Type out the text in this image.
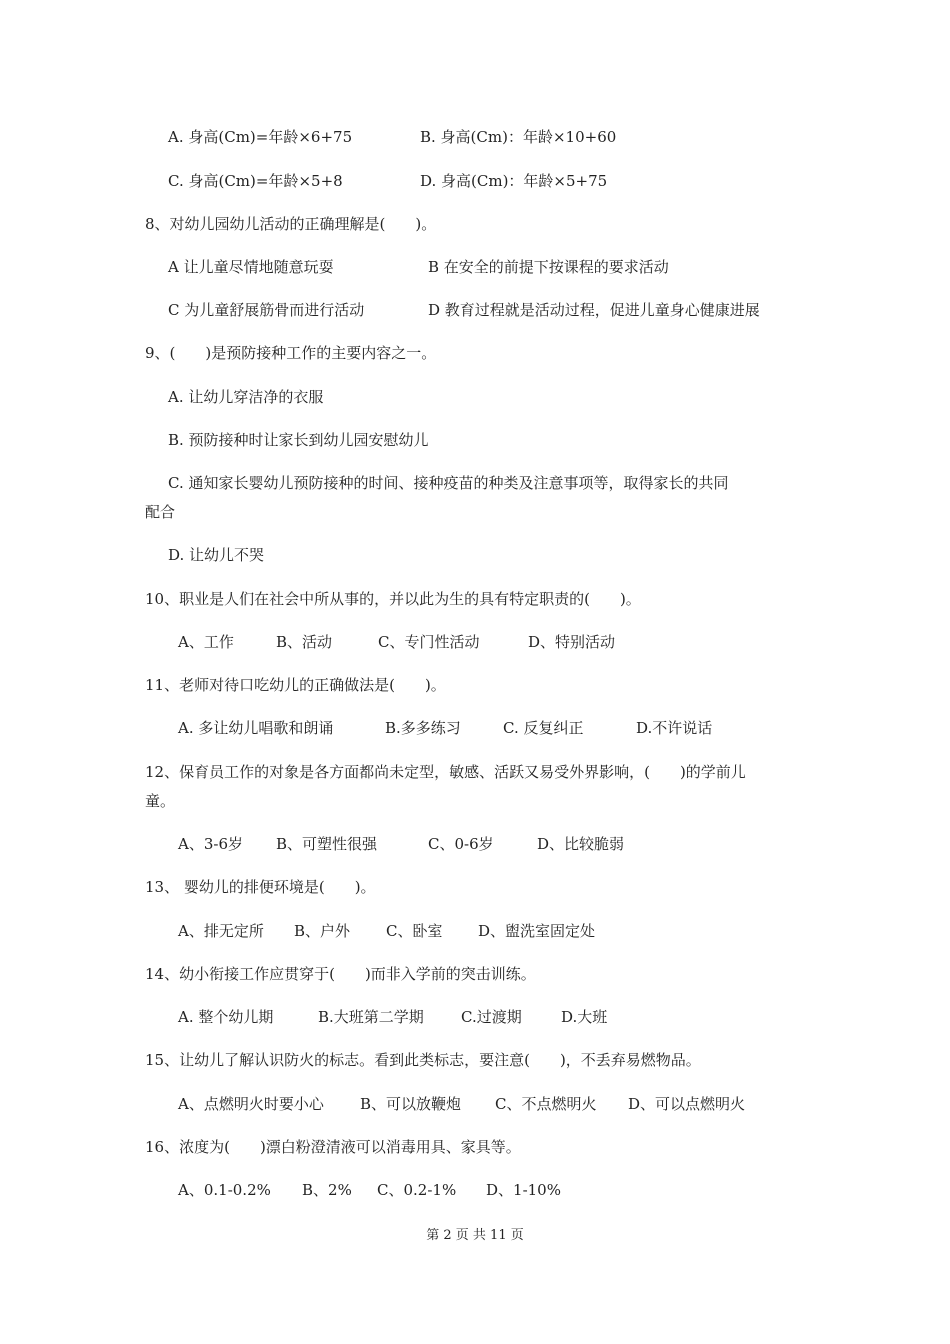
A. 身高(Cm)=年龄×6+75	B. 身高(Cm)：年龄×10+60
C. 身高(Cm)=年龄×5+8	D. 身高(Cm)：年龄×5+75
8、对幼儿园幼儿活动的正确理解是(　　)。
A 让儿童尽情地随意玩耍	B 在安全的前提下按课程的要求活动
C 为儿童舒展筋骨而进行活动	D 教育过程就是活动过程，促进儿童身心健康进展
9、(　　)是预防接种工作的主要内容之一。
A. 让幼儿穿洁净的衣服
B. 预防接种时让家长到幼儿园安慰幼儿
C. 通知家长婴幼儿预防接种的时间、接种疫苗的种类及注意事项等，取得家长的共同
配合
D. 让幼儿不哭
10、职业是人们在社会中所从事的，并以此为生的具有特定职责的(　　)。
A、工作	B、活动	C、专门性活动	D、特别活动
11、老师对待口吃幼儿的正确做法是(　　)。
A. 多让幼儿唱歌和朗诵	B.多多练习	C. 反复纠正	D.不许说话
12、保育员工作的对象是各方面都尚未定型，敏感、活跃又易受外界影响，(　　)的学前儿
童。
A、3-6岁 B、可塑性很强	C、0-6岁	D、比较脆弱
13、 婴幼儿的排便环境是(　　)。
A、排无定所 B、户外 C、卧室 D、盥洗室固定处
14、幼小衔接工作应贯穿于(　　)而非入学前的突击训练。
A. 整个幼儿期	B.大班第二学期 C.过渡期	D.大班
15、让幼儿了解认识防火的标志。看到此类标志，要注意(　　)，不丢弃易燃物品。
A、点燃明火时要小心 B、可以放鞭炮 C、不点燃明火 D、可以点燃明火
16、浓度为(　　)漂白粉澄清液可以消毒用具、家具等。
A、0.1-0.2% B、2% C、0.2-1% D、1-10%
第 2 页 共 11 页
